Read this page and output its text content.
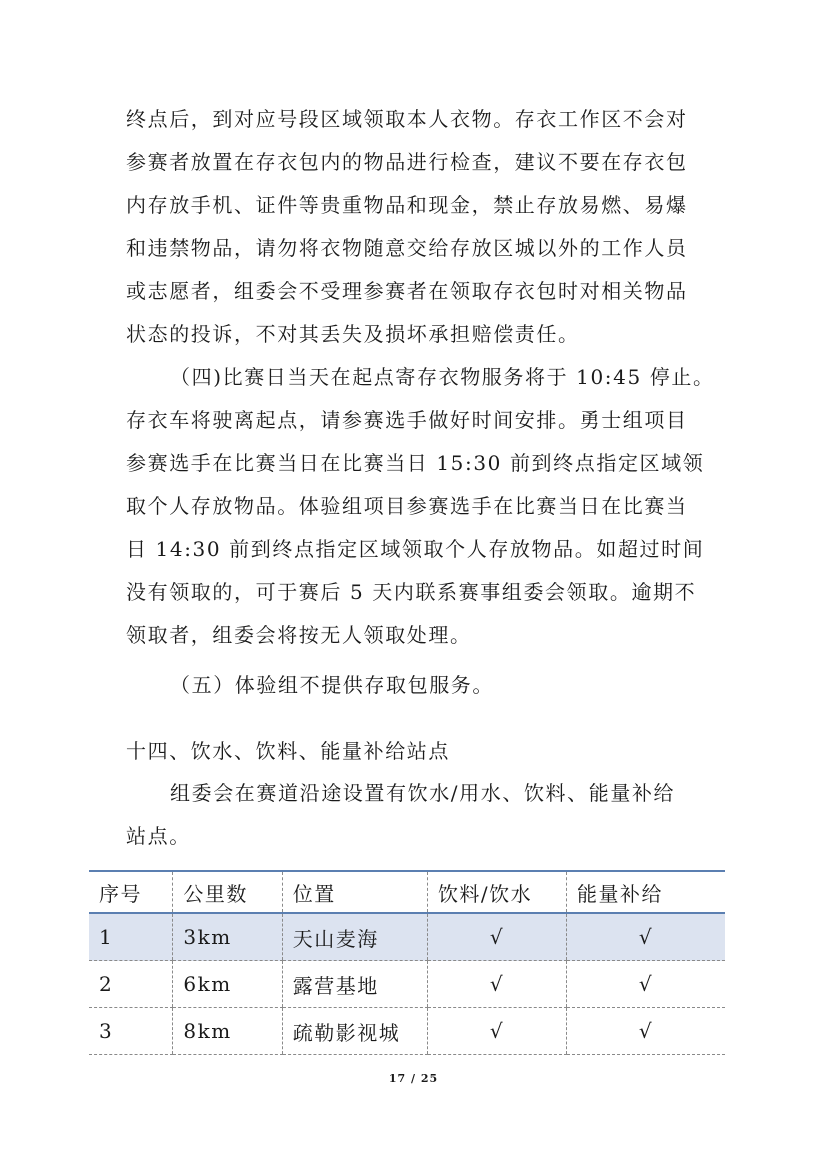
终点后，到对应号段区域领取本人衣物。存衣工作区不会对
参赛者放置在存衣包内的物品进行检查，建议不要在存衣包
内存放手机、证件等贵重物品和现金，禁止存放易燃、易爆
和违禁物品，请勿将衣物随意交给存放区城以外的工作人员
或志愿者，组委会不受理参赛者在领取存衣包时对相关物品
状态的投诉，不对其丢失及损坏承担赔偿责任。
（四)比赛日当天在起点寄存衣物服务将于 10:45 停止。
存衣车将驶离起点，请参赛选手做好时间安排。勇士组项目
参赛选手在比赛当日在比赛当日 15:30 前到终点指定区域领
取个人存放物品。体验组项目参赛选手在比赛当日在比赛当
日 14:30 前到终点指定区域领取个人存放物品。如超过时间
没有领取的，可于赛后 5 天内联系赛事组委会领取。逾期不
领取者，组委会将按无人领取处理。
（五）体验组不提供存取包服务。
十四、饮水、饮料、能量补给站点
组委会在赛道沿途设置有饮水/用水、饮料、能量补给
站点。
序号	公里数	位置	饮料/饮水	能量补给
1	3km	天山麦海	√	√
2	6km	露营基地	√	√
3	8km	疏勒影视城	√	√
17 / 25
